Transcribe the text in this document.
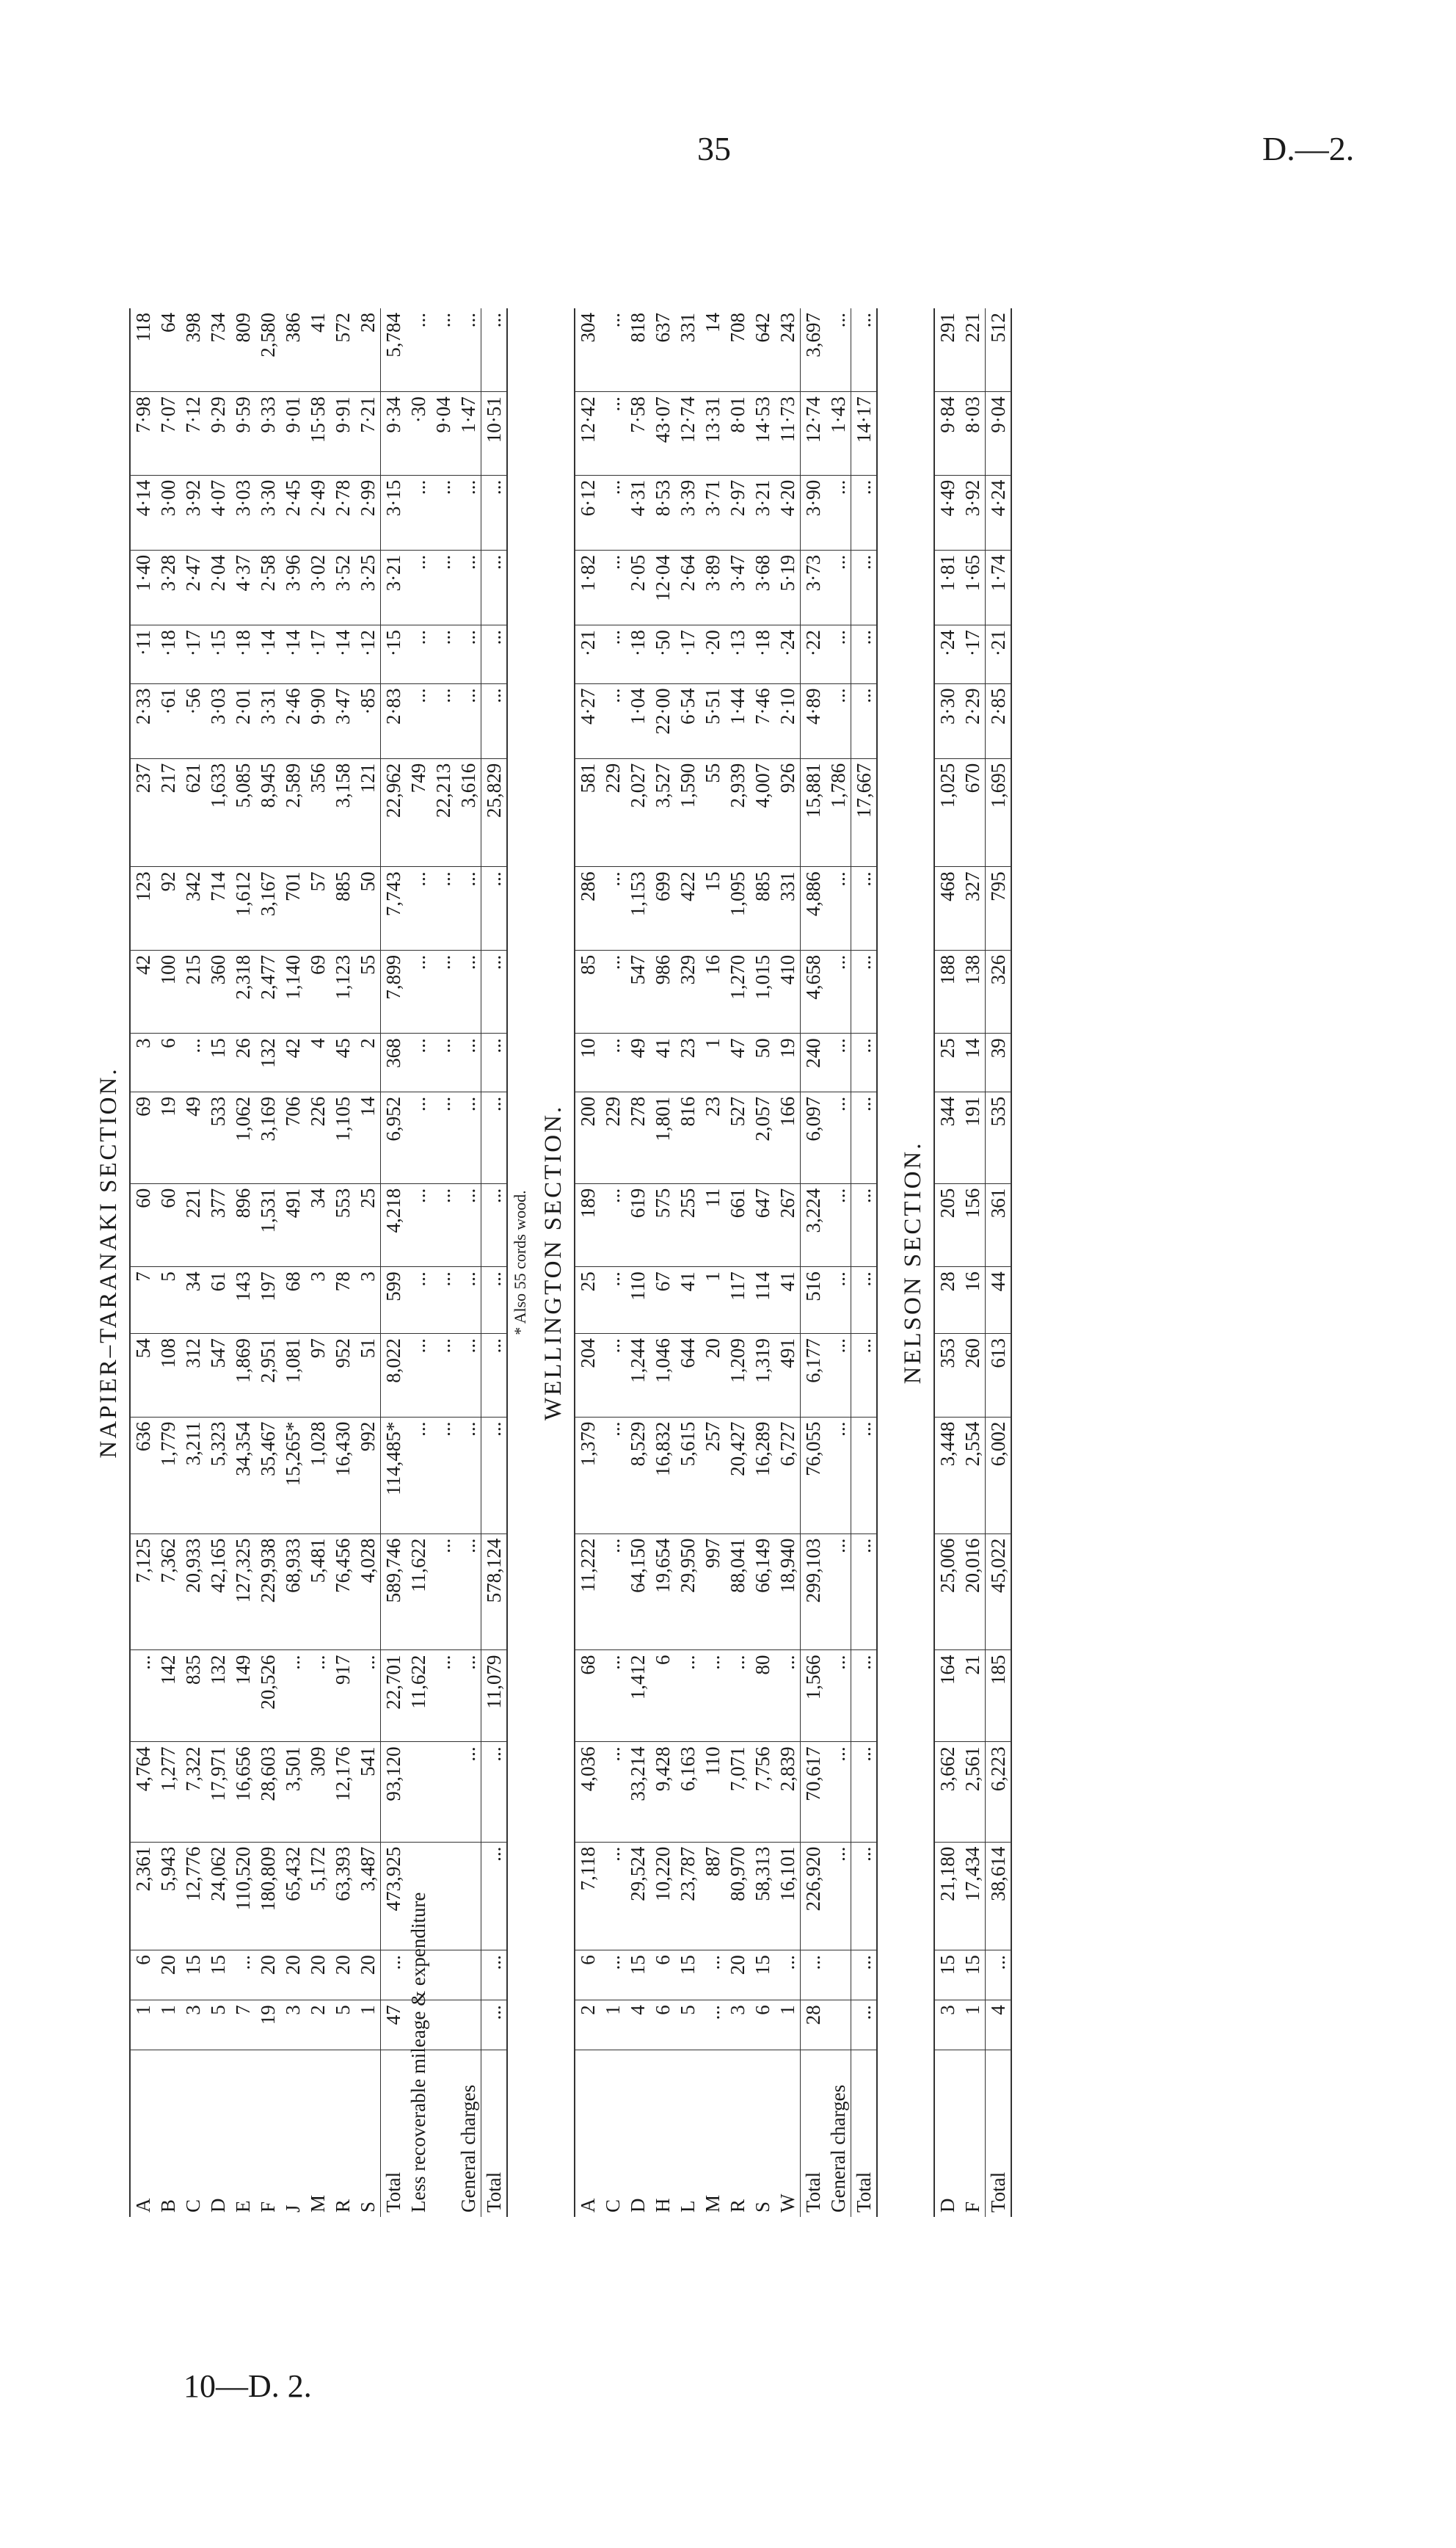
35	D.—2.
NAPIER–TARANAKI SECTION.
A	1	6	2,361	4,764	...	7,125	636	54	7	60	69	3	42	123	237	2·33	·11	1·40	4·14	7·98	118
B	1	20	5,943	1,277	142	7,362	1,779	108	5	60	19	6	100	92	217	·61	·18	3·28	3·00	7·07	64
C	3	15	12,776	7,322	835	20,933	3,211	312	34	221	49	...	215	342	621	·56	·17	2·47	3·92	7·12	398
D	5	15	24,062	17,971	132	42,165	5,323	547	61	377	533	15	360	714	1,633	3·03	·15	2·04	4·07	9·29	734
E	7	...	110,520	16,656	149	127,325	34,354	1,869	143	896	1,062	26	2,318	1,612	5,085	2·01	·18	4·37	3·03	9·59	809
F	19	20	180,809	28,603	20,526	229,938	35,467	2,951	197	1,531	3,169	132	2,477	3,167	8,945	3·31	·14	2·58	3·30	9·33	2,580
J	3	20	65,432	3,501	...	68,933	15,265*	1,081	68	491	706	42	1,140	701	2,589	2·46	·14	3·96	2·45	9·01	386
M	2	20	5,172	309	...	5,481	1,028	97	3	34	226	4	69	57	356	9·90	·17	3·02	2·49	15·58	41
R	5	20	63,393	12,176	917	76,456	16,430	952	78	553	1,105	45	1,123	885	3,158	3·47	·14	3·52	2·78	9·91	572
S	1	20	3,487	541	...	4,028	992	51	3	25	14	2	55	50	121	·85	·12	3·25	2·99	7·21	28
Total	47	...	473,925	93,120	22,701	589,746	114,485*	8,022	599	4,218	6,952	368	7,899	7,743	22,962	2·83	·15	3·21	3·15	9·34	5,784
Less recoverable mileage & expenditure					11,622	11,622	...	...	...	...	...	...	...	...	749	...	...	...	...	·30	...
					...	...	...	...	...	...	...	...	...	...	22,213	...	...	...	...	9·04	...
General charges				...	...	...	...	...	...	...	...	...	...	...	3,616	...	...	...	...	1·47	...
Total	...	...	...	...	11,079	578,124	...	...	...	...	...	...	...	...	25,829	...	...	...	...	10·51	...
* Also 55 cords wood. WELLINGTON SECTION.
A	2	6	7,118	4,036	68	11,222	1,379	204	25	189	200	10	85	286	581	4·27	·21	1·82	6·12	12·42	304
C	1	...	...	...	...	...	...	...	...	...	229	...	...	...	229	...	...	...	...	...	...
D	4	15	29,524	33,214	1,412	64,150	8,529	1,244	110	619	278	49	547	1,153	2,027	1·04	·18	2·05	4·31	7·58	818
H	6	6	10,220	9,428	6	19,654	16,832	1,046	67	575	1,801	41	986	699	3,527	22·00	·50	12·04	8·53	43·07	637
L	5	15	23,787	6,163	...	29,950	5,615	644	41	255	816	23	329	422	1,590	6·54	·17	2·64	3·39	12·74	331
M	...	...	887	110	...	997	257	20	1	11	23	1	16	15	55	5·51	·20	3·89	3·71	13·31	14
R	3	20	80,970	7,071	...	88,041	20,427	1,209	117	661	527	47	1,270	1,095	2,939	1·44	·13	3·47	2·97	8·01	708
S	6	15	58,313	7,756	80	66,149	16,289	1,319	114	647	2,057	50	1,015	885	4,007	7·46	·18	3·68	3·21	14·53	642
W	1	...	16,101	2,839	...	18,940	6,727	491	41	267	166	19	410	331	926	2·10	·24	5·19	4·20	11·73	243
Total	28	...	226,920	70,617	1,566	299,103	76,055	6,177	516	3,224	6,097	240	4,658	4,886	15,881	4·89	·22	3·73	3·90	12·74	3,697
General charges			...	...	...	...	...	...	...	...	...	...	...	...	1,786	...	...	...	...	1·43	...
Total	...	...	...	...	...	...	...	...	...	...	...	...	...	...	17,667	...	...	...	...	14·17	...
NELSON SECTION.
D	3	15	21,180	3,662	164	25,006	3,448	353	28	205	344	25	188	468	1,025	3·30	·24	1·81	4·49	9·84	291
F	1	15	17,434	2,561	21	20,016	2,554	260	16	156	191	14	138	327	670	2·29	·17	1·65	3·92	8·03	221
Total	4	...	38,614	6,223	185	45,022	6,002	613	44	361	535	39	326	795	1,695	2·85	·21	1·74	4·24	9·04	512
10—D. 2.
